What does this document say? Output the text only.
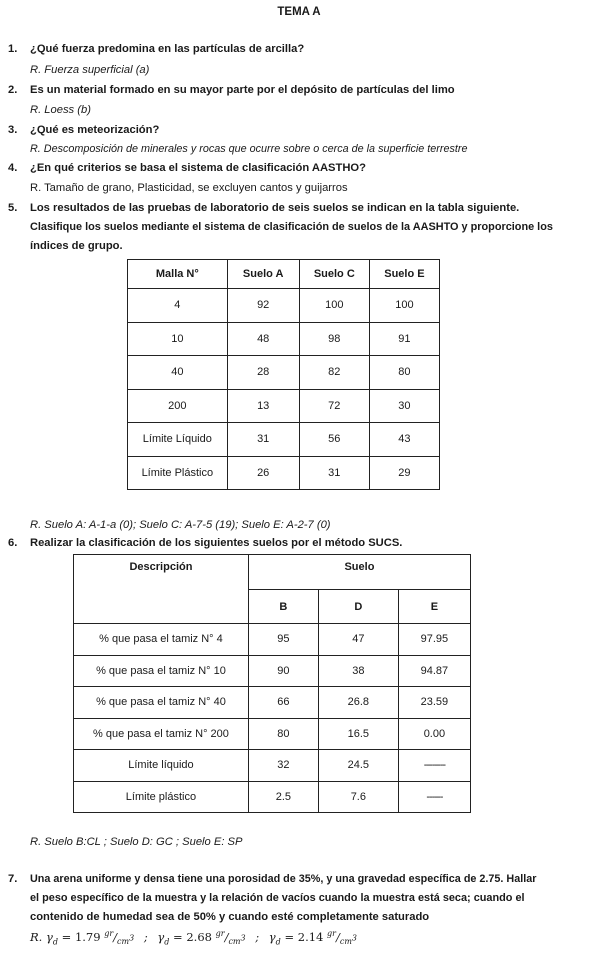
TEMA A
1. ¿Qué fuerza predomina en las partículas de arcilla?
R. Fuerza superficial (a)
2. Es un material formado en su mayor parte por el depósito de partículas del limo
R. Loess (b)
3. ¿Qué es meteorización?
R. Descomposición de minerales y rocas que ocurre sobre o cerca de la superficie terrestre
4. ¿En qué criterios se basa el sistema de clasificación AASTHO?
R. Tamaño de grano, Plasticidad, se excluyen cantos y guijarros
5. Los resultados de las pruebas de laboratorio de seis suelos se indican en la tabla siguiente.
Clasifique los suelos mediante el sistema de clasificación de suelos de la AASHTO y proporcione los
índices de grupo.
Malla N°	Suelo A	Suelo C	Suelo E
4	92	100	100
10	48	98	91
40	28	82	80
200	13	72	30
Límite Líquido	31	56	43
Límite Plástico	26	31	29
R. Suelo A: A-1-a (0); Suelo C: A-7-5 (19); Suelo E: A-2-7 (0)
6. Realizar la clasificación de los siguientes suelos por el método SUCS.
Descripción	Suelo		
	B	D	E
% que pasa el tamiz N° 4	95	47	97.95
% que pasa el tamiz N° 10	90	38	94.87
% que pasa el tamiz N° 40	66	26.8	23.59
% que pasa el tamiz N° 200	80	16.5	0.00
Límite líquido	32	24.5	--------
Límite plástico	2.5	7.6	------
R. Suelo B:CL ; Suelo D: GC ; Suelo E: SP
7. Una arena uniforme y densa tiene una porosidad de 35%, y una gravedad específica de 2.75. Hallar
el peso específico de la muestra y la relación de vacíos cuando la muestra está seca; cuando el
contenido de humedad sea de 50% y cuando esté completamente saturado
R. $\gamma_d = 1.79$ $^{gr}/_{cm^3}$ ; $\gamma_d = 2.68$ $^{gr}/_{cm^3}$ ; $\gamma_d = 2.14$ $^{gr}/_{cm^3}$
